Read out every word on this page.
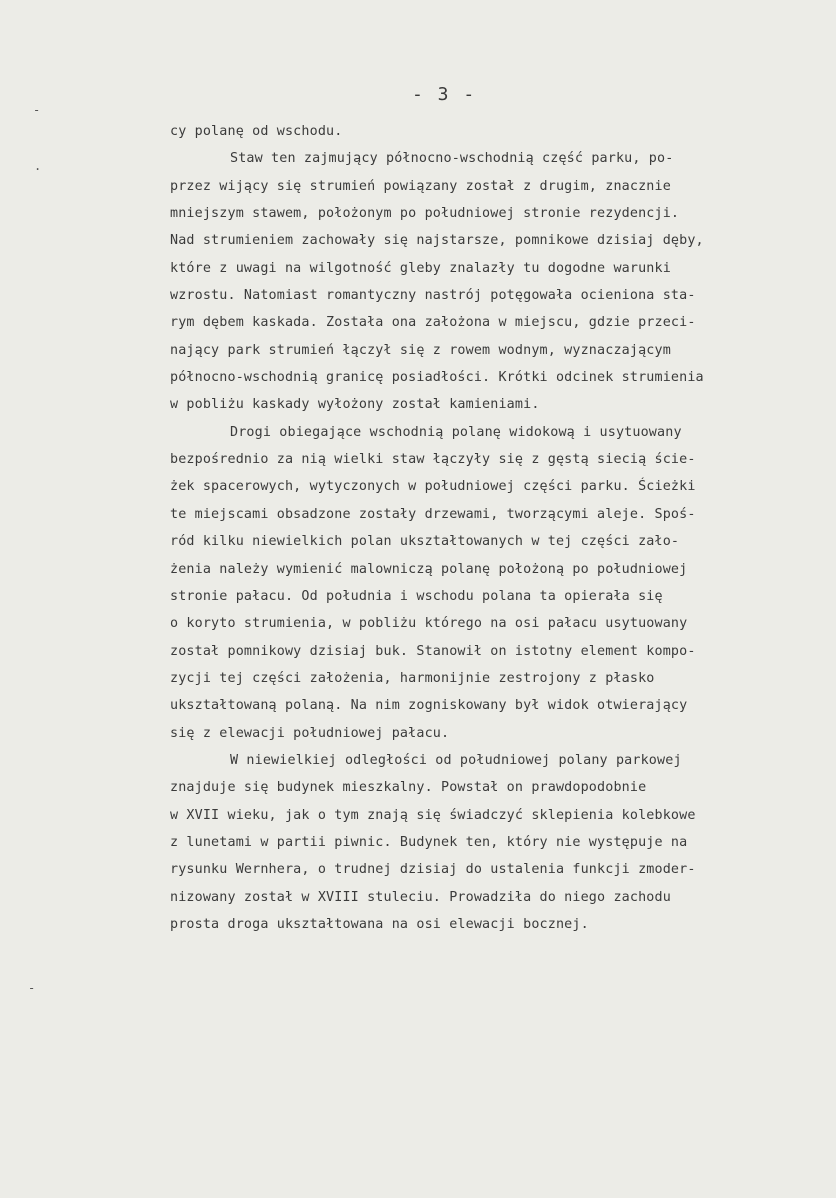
-
.
-
- 3 -
cy polanę od wschodu.
Staw ten zajmujący północno-wschodnią część parku, po-
przez wijący się strumień powiązany został z drugim, znacznie
mniejszym stawem, położonym po południowej stronie rezydencji.
Nad strumieniem zachowały się najstarsze, pomnikowe dzisiaj dęby,
które z uwagi na wilgotność gleby znalazły tu dogodne warunki
wzrostu. Natomiast romantyczny nastrój potęgowała ocieniona sta-
rym dębem kaskada. Została ona założona w miejscu, gdzie przeci-
nający park strumień łączył się z rowem wodnym, wyznaczającym
północno-wschodnią granicę posiadłości. Krótki odcinek strumienia
w pobliżu kaskady wyłożony został kamieniami.
Drogi obiegające wschodnią polanę widokową i usytuowany
bezpośrednio za nią wielki staw łączyły się z gęstą siecią ście-
żek spacerowych, wytyczonych w południowej części parku. Ścieżki
te miejscami obsadzone zostały drzewami, tworzącymi aleje. Spoś-
ród kilku niewielkich polan ukształtowanych w tej części zało-
żenia należy wymienić malowniczą polanę położoną po południowej
stronie pałacu. Od południa i wschodu polana ta opierała się
o koryto strumienia, w pobliżu którego na osi pałacu usytuowany
został pomnikowy dzisiaj buk. Stanowił on istotny element kompo-
zycji tej części założenia, harmonijnie zestrojony z płasko
ukształtowaną polaną. Na nim zogniskowany był widok otwierający
się z elewacji południowej pałacu.
W niewielkiej odległości od południowej polany parkowej
znajduje się budynek mieszkalny. Powstał on prawdopodobnie
w XVII wieku, jak o tym znają się świadczyć sklepienia kolebkowe
z lunetami w partii piwnic. Budynek ten, który nie występuje na
rysunku Wernhera, o trudnej dzisiaj do ustalenia funkcji zmoder-
nizowany został w XVIII stuleciu. Prowadziła do niego zachodu
prosta droga ukształtowana na osi elewacji bocznej.
